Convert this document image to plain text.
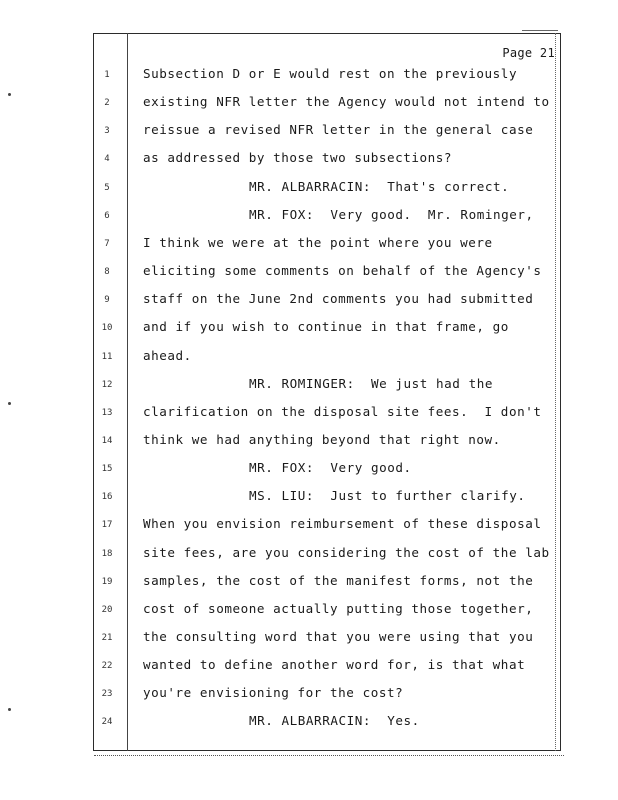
Page 21
1	Subsection D or E would rest on the previously
2	existing NFR letter the Agency would not intend to
3	reissue a revised NFR letter in the general case
4	as addressed by those two subsections?
5	MR. ALBARRACIN:  That's correct.
6	MR. FOX:  Very good.  Mr. Rominger,
7	I think we were at the point where you were
8	eliciting some comments on behalf of the Agency's
9	staff on the June 2nd comments you had submitted
10	and if you wish to continue in that frame, go
11	ahead.
12	MR. ROMINGER:  We just had the
13	clarification on the disposal site fees.  I don't
14	think we had anything beyond that right now.
15	MR. FOX:  Very good.
16	MS. LIU:  Just to further clarify.
17	When you envision reimbursement of these disposal
18	site fees, are you considering the cost of the lab
19	samples, the cost of the manifest forms, not the
20	cost of someone actually putting those together,
21	the consulting word that you were using that you
22	wanted to define another word for, is that what
23	you're envisioning for the cost?
24	MR. ALBARRACIN:  Yes.
